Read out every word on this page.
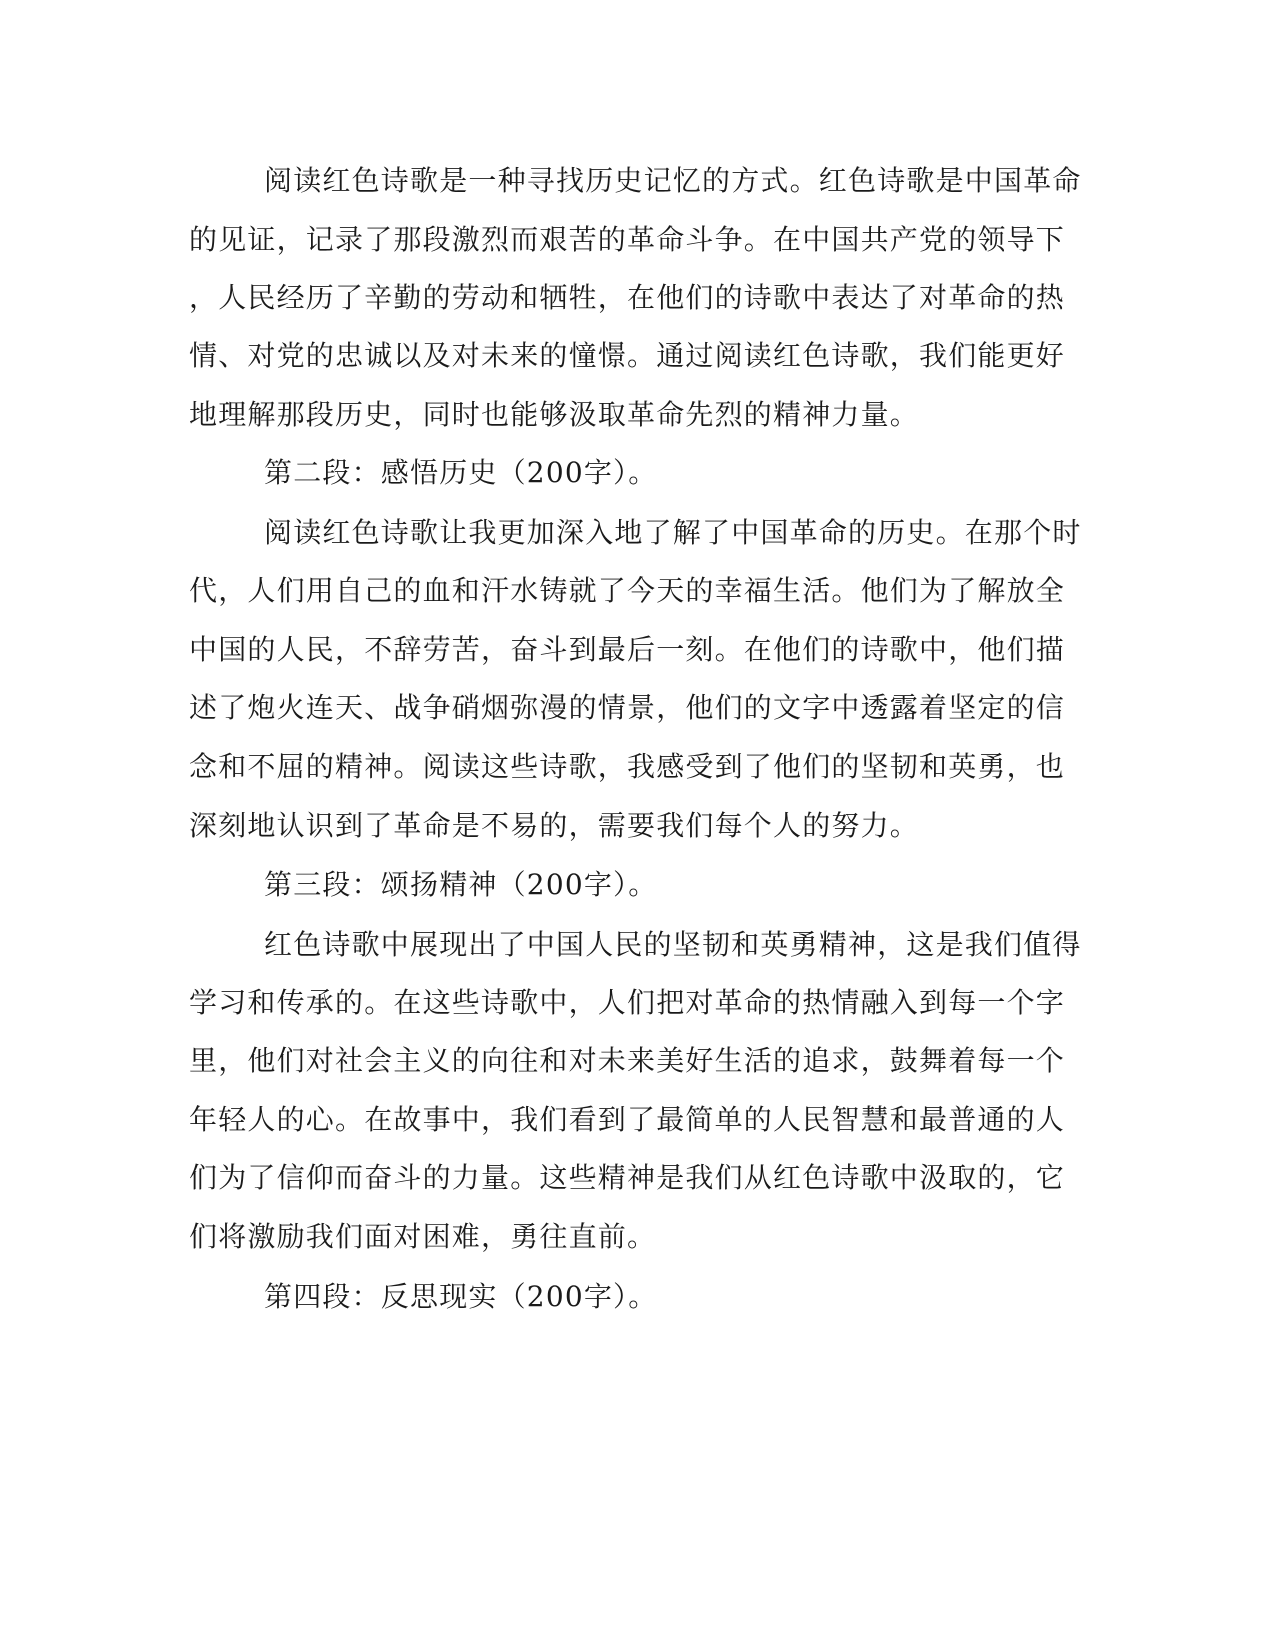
阅读红色诗歌是一种寻找历史记忆的方式。红色诗歌是中国革命
的见证，记录了那段激烈而艰苦的革命斗争。在中国共产党的领导下
，人民经历了辛勤的劳动和牺牲，在他们的诗歌中表达了对革命的热
情、对党的忠诚以及对未来的憧憬。通过阅读红色诗歌，我们能更好
地理解那段历史，同时也能够汲取革命先烈的精神力量。
第二段：感悟历史（200字）。
阅读红色诗歌让我更加深入地了解了中国革命的历史。在那个时
代，人们用自己的血和汗水铸就了今天的幸福生活。他们为了解放全
中国的人民，不辞劳苦，奋斗到最后一刻。在他们的诗歌中，他们描
述了炮火连天、战争硝烟弥漫的情景，他们的文字中透露着坚定的信
念和不屈的精神。阅读这些诗歌，我感受到了他们的坚韧和英勇，也
深刻地认识到了革命是不易的，需要我们每个人的努力。
第三段：颂扬精神（200字）。
红色诗歌中展现出了中国人民的坚韧和英勇精神，这是我们值得
学习和传承的。在这些诗歌中，人们把对革命的热情融入到每一个字
里，他们对社会主义的向往和对未来美好生活的追求，鼓舞着每一个
年轻人的心。在故事中，我们看到了最简单的人民智慧和最普通的人
们为了信仰而奋斗的力量。这些精神是我们从红色诗歌中汲取的，它
们将激励我们面对困难，勇往直前。
第四段：反思现实（200字）。
